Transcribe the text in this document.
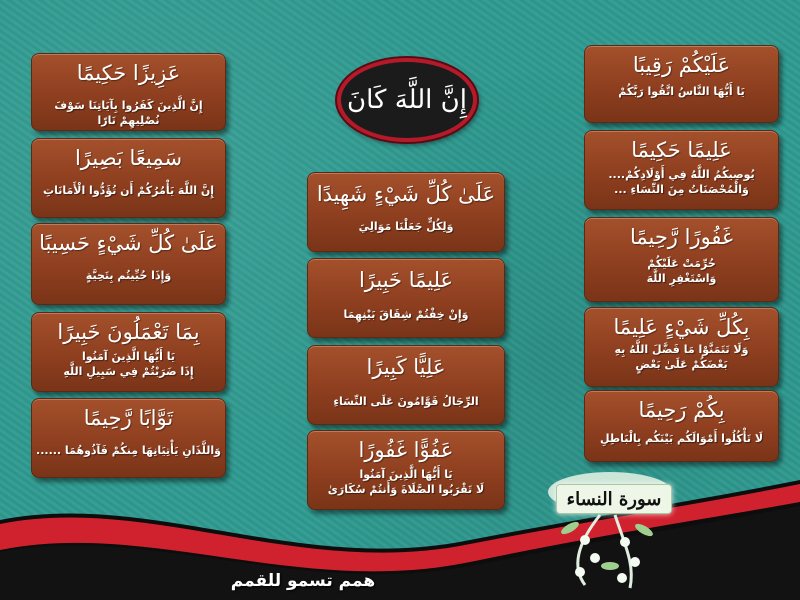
سورة النساء
إِنَّ اللَّهَ كَانَ
عَلَيْكُمْ رَقِيبًا
يَا أَيُّهَا النَّاسُ اتَّقُوا رَبَّكُمْ
عَلِيمًا حَكِيمًا
يُوصِيكُمُ اللَّهُ فِي أَوْلَادِكُمْ....
وَالْمُحْصَنَاتُ مِنَ النِّسَاءِ ...
غَفُورًا رَّحِيمًا
حُرِّمَتْ عَلَيْكُمْ
وَاسْتَغْفِرِ اللَّهَ
بِكُلِّ شَيْءٍ عَلِيمًا
وَلَا تَتَمَنَّوْا مَا فَضَّلَ اللَّهُ بِهِ
بَعْضَكُمْ عَلَىٰ بَعْضٍ
بِكُمْ رَحِيمًا
لَا تَأْكُلُوا أَمْوَالَكُم بَيْنَكُم بِالْبَاطِلِ
عَلَىٰ كُلِّ شَيْءٍ شَهِيدًا
وَلِكُلٍّ جَعَلْنَا مَوَالِيَ
عَلِيمًا خَبِيرًا
وَإِنْ خِفْتُمْ شِقَاقَ بَيْنِهِمَا
عَلِيًّا كَبِيرًا
الرِّجَالُ قَوَّامُونَ عَلَى النِّسَاءِ
عَفُوًّا غَفُورًا
يَا أَيُّهَا الَّذِينَ آمَنُوا
لَا تَقْرَبُوا الصَّلَاةَ وَأَنتُمْ سُكَارَىٰ
عَزِيزًا حَكِيمًا
إِنَّ الَّذِينَ كَفَرُوا بِآيَاتِنَا سَوْفَ نُصْلِيهِمْ نَارًا
سَمِيعًا بَصِيرًا
إِنَّ اللَّهَ يَأْمُرُكُمْ أَن تُؤَدُّوا الْأَمَانَاتِ
عَلَىٰ كُلِّ شَيْءٍ حَسِيبًا
وَإِذَا حُيِّيتُم بِتَحِيَّةٍ
بِمَا تَعْمَلُونَ خَبِيرًا
يَا أَيُّهَا الَّذِينَ آمَنُوا
إِذَا ضَرَبْتُمْ فِي سَبِيلِ اللَّهِ
تَوَّابًا رَّحِيمًا
وَاللَّذَانِ يَأْتِيَانِهَا مِنكُمْ فَآذُوهُمَا ......
همم تسمو للقمم
